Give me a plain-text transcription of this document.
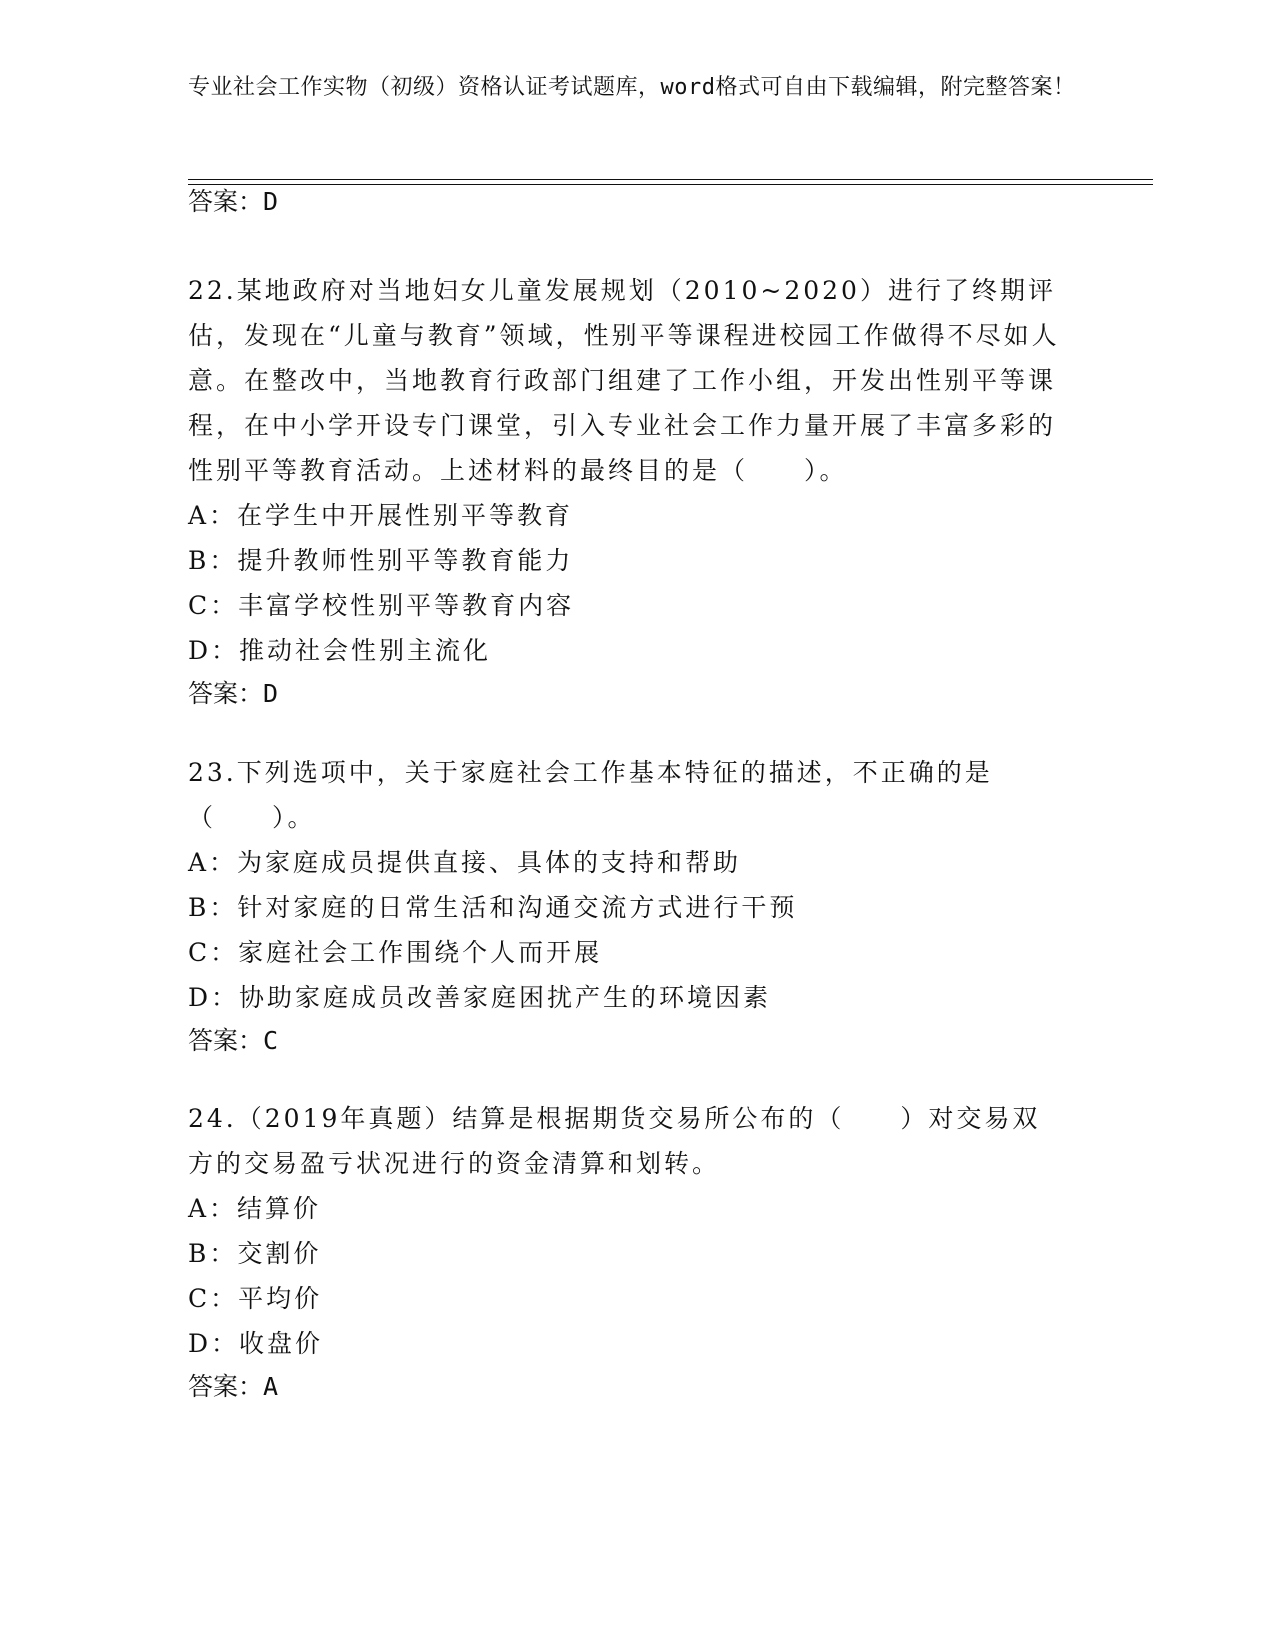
专业社会工作实物（初级）资格认证考试题库，word格式可自由下载编辑，附完整答案！
答案：D
22.某地政府对当地妇女儿童发展规划（2010~2020）进行了终期评估，发现在“儿童与教育”领域，性别平等课程进校园工作做得不尽如人意。在整改中，当地教育行政部门组建了工作小组，开发出性别平等课程，在中小学开设专门课堂，引入专业社会工作力量开展了丰富多彩的性别平等教育活动。上述材料的最终目的是（　　）。
A：在学生中开展性别平等教育
B：提升教师性别平等教育能力
C：丰富学校性别平等教育内容
D：推动社会性别主流化
答案：D
23.下列选项中，关于家庭社会工作基本特征的描述，不正确的是（　　）。
A：为家庭成员提供直接、具体的支持和帮助
B：针对家庭的日常生活和沟通交流方式进行干预
C：家庭社会工作围绕个人而开展
D：协助家庭成员改善家庭困扰产生的环境因素
答案：C
24.（2019年真题）结算是根据期货交易所公布的（　　）对交易双方的交易盈亏状况进行的资金清算和划转。
A：结算价
B：交割价
C：平均价
D：收盘价
答案：A
